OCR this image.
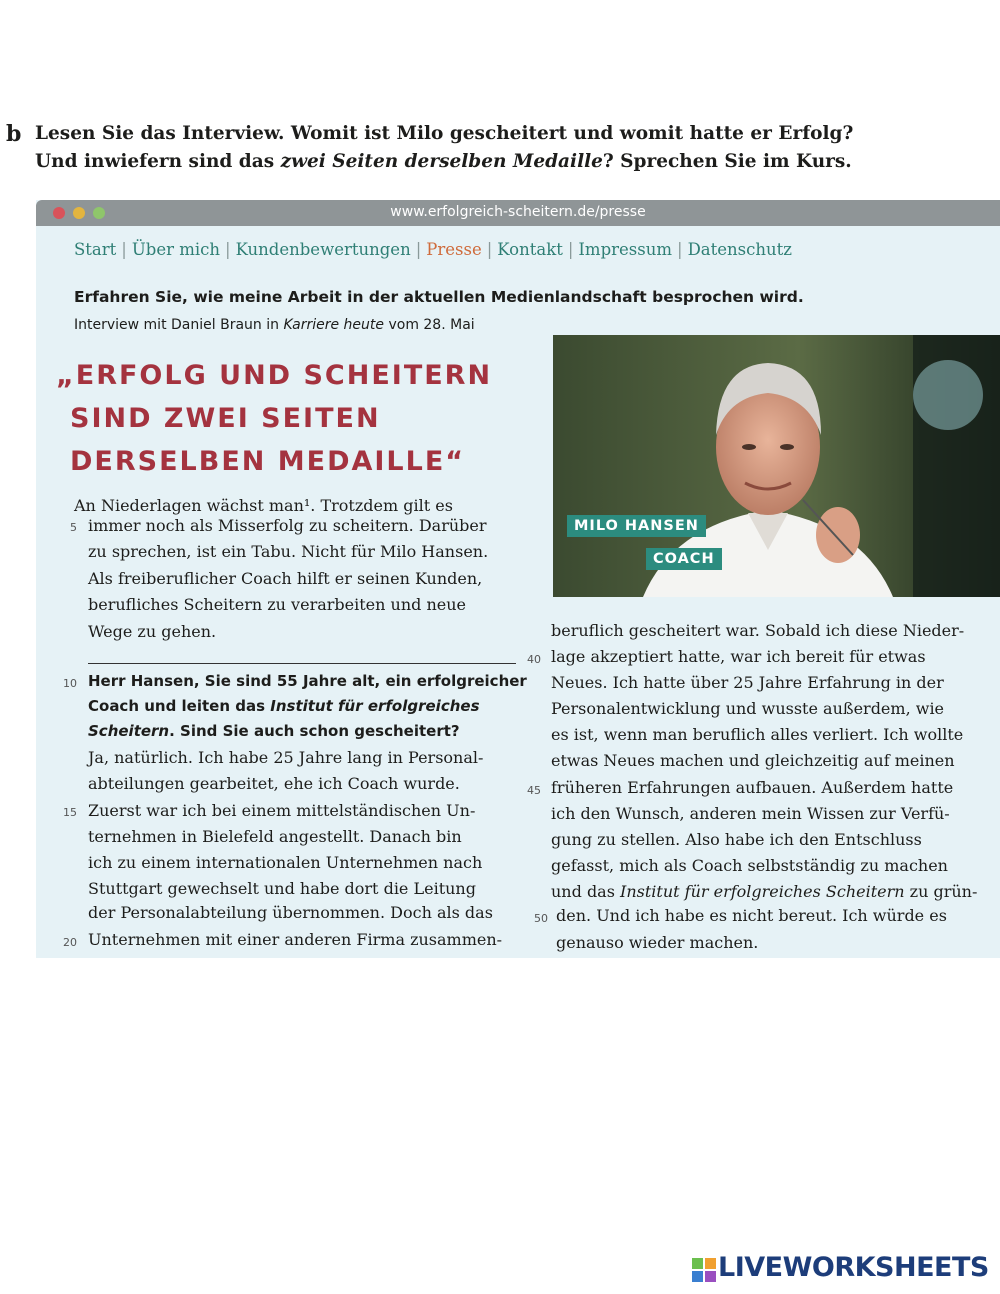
b Lesen Sie das Interview. Womit ist Milo gescheitert und womit hatte er Erfolg?
Und inwiefern sind das zwei Seiten derselben Medaille? Sprechen Sie im Kurs.
www.erfolgreich-scheitern.de/presse
Start | Über mich | Kundenbewertungen | Presse | Kontakt | Impressum | Datenschutz
Erfahren Sie, wie meine Arbeit in der aktuellen Medienlandschaft besprochen wird.
Interview mit Daniel Braun in Karriere heute vom 28. Mai
„ERFOLG UND SCHEITERN
SIND ZWEI SEITEN
DERSELBEN MEDAILLE“
MILO HANSEN
COACH
An Niederlagen wächst man¹. Trotzdem gilt es
5 immer noch als Misserfolg zu scheitern. Darüber
zu sprechen, ist ein Tabu. Nicht für Milo Hansen.
Als freiberuflicher Coach hilft er seinen Kunden,
berufliches Scheitern zu verarbeiten und neue
Wege zu gehen.
10 Herr Hansen, Sie sind 55 Jahre alt, ein erfolgreicher
Coach und leiten das Institut für erfolgreiches
Scheitern. Sind Sie auch schon gescheitert?
Ja, natürlich. Ich habe 25 Jahre lang in Personal-
abteilungen gearbeitet, ehe ich Coach wurde.
15 Zuerst war ich bei einem mittelständischen Un-
ternehmen in Bielefeld angestellt. Danach bin
ich zu einem internationalen Unternehmen nach
Stuttgart gewechselt und habe dort die Leitung
der Personalabteilung übernommen. Doch als das
20 Unternehmen mit einer anderen Firma zusammen-
beruflich gescheitert war. Sobald ich diese Nieder-
40 lage akzeptiert hatte, war ich bereit für etwas
Neues. Ich hatte über 25 Jahre Erfahrung in der
Personalentwicklung und wusste außerdem, wie
es ist, wenn man beruflich alles verliert. Ich wollte
etwas Neues machen und gleichzeitig auf meinen
45 früheren Erfahrungen aufbauen. Außerdem hatte
ich den Wunsch, anderen mein Wissen zur Verfü-
gung zu stellen. Also habe ich den Entschluss
gefasst, mich als Coach selbstständig zu machen
und das Institut für erfolgreiches Scheitern zu grün-
50 den. Und ich habe es nicht bereut. Ich würde es
genauso wieder machen.
LIVEWORKSHEETS
